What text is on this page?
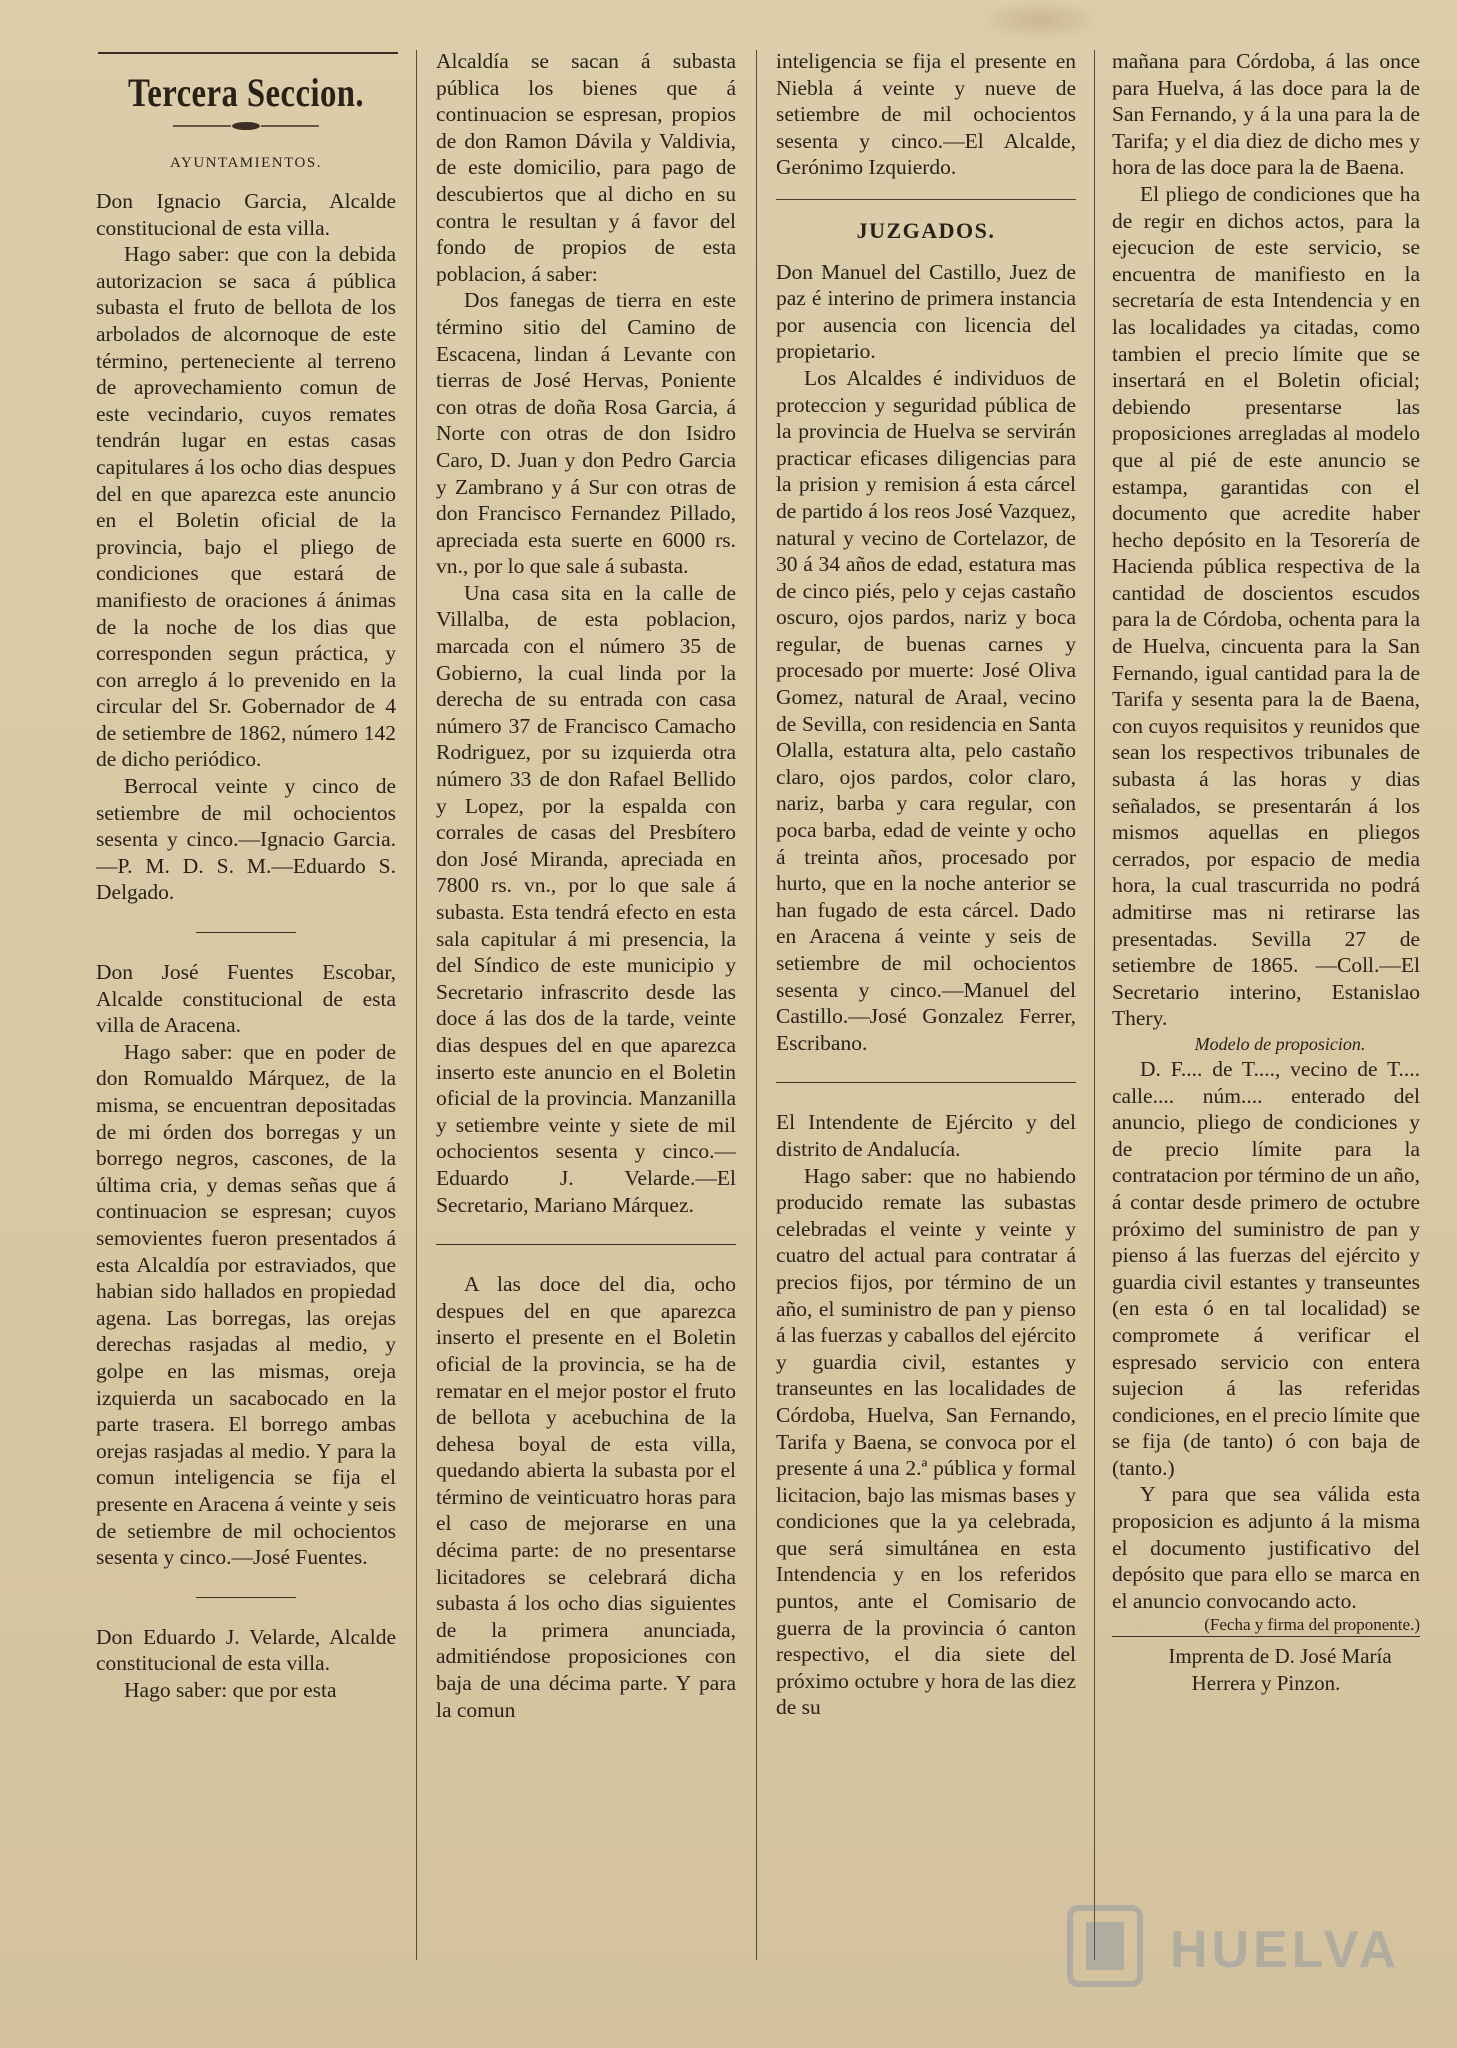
Tercera Seccion.
AYUNTAMIENTOS.

Don Ignacio Garcia, Alcalde constitucional de esta villa.

Hago saber: que con la debida autorizacion se saca á pública subasta el fruto de bellota de los arbolados de alcornoque de este término, perteneciente al terreno de aprovechamiento comun de este vecindario, cuyos remates tendrán lugar en estas casas capitulares á los ocho dias despues del en que aparezca este anuncio en el Boletin oficial de la provincia, bajo el pliego de condiciones que estará de manifiesto de oraciones á ánimas de la noche de los dias que corresponden segun práctica, y con arreglo á lo prevenido en la circular del Sr. Gobernador de 4 de setiembre de 1862, número 142 de dicho periódico.

Berrocal veinte y cinco de setiembre de mil ochocientos sesenta y cinco.—Ignacio Garcia.—P. M. D. S. M.—Eduardo S. Delgado.

Don José Fuentes Escobar, Alcalde constitucional de esta villa de Aracena.

Hago saber: que en poder de don Romualdo Márquez, de la misma, se encuentran depositadas de mi órden dos borregas y un borrego negros, cascones, de la última cria, y demas señas que á continuacion se espresan; cuyos semovientes fueron presentados á esta Alcaldía por estraviados, que habian sido hallados en propiedad agena. Las borregas, las orejas derechas rasjadas al medio, y golpe en las mismas, oreja izquierda un sacabocado en la parte trasera. El borrego ambas orejas rasjadas al medio. Y para la comun inteligencia se fija el presente en Aracena á veinte y seis de setiembre de mil ochocientos sesenta y cinco.—José Fuentes.

Don Eduardo J. Velarde, Alcalde constitucional de esta villa.

Hago saber: que por esta

Alcaldía se sacan á subasta pública los bienes que á continuacion se espresan, propios de don Ramon Dávila y Valdivia, de este domicilio, para pago de descubiertos que al dicho en su contra le resultan y á favor del fondo de propios de esta poblacion, á saber:

Dos fanegas de tierra en este término sitio del Camino de Escacena, lindan á Levante con tierras de José Hervas, Poniente con otras de doña Rosa Garcia, á Norte con otras de don Isidro Caro, D. Juan y don Pedro Garcia y Zambrano y á Sur con otras de don Francisco Fernandez Pillado, apreciada esta suerte en 6000 rs. vn., por lo que sale á subasta.

Una casa sita en la calle de Villalba, de esta poblacion, marcada con el número 35 de Gobierno, la cual linda por la derecha de su entrada con casa número 37 de Francisco Camacho Rodriguez, por su izquierda otra número 33 de don Rafael Bellido y Lopez, por la espalda con corrales de casas del Presbítero don José Miranda, apreciada en 7800 rs. vn., por lo que sale á subasta. Esta tendrá efecto en esta sala capitular á mi presencia, la del Síndico de este municipio y Secretario infrascrito desde las doce á las dos de la tarde, veinte dias despues del en que aparezca inserto este anuncio en el Boletin oficial de la provincia. Manzanilla y setiembre veinte y siete de mil ochocientos sesenta y cinco.—Eduardo J. Velarde.—El Secretario, Mariano Márquez.

A las doce del dia, ocho despues del en que aparezca inserto el presente en el Boletin oficial de la provincia, se ha de rematar en el mejor postor el fruto de bellota y acebuchina de la dehesa boyal de esta villa, quedando abierta la subasta por el término de veinticuatro horas para el caso de mejorarse en una décima parte: de no presentarse licitadores se celebrará dicha subasta á los ocho dias siguientes de la primera anunciada, admitiéndose proposiciones con baja de una décima parte. Y para la comun

inteligencia se fija el presente en Niebla á veinte y nueve de setiembre de mil ochocientos sesenta y cinco.—El Alcalde, Gerónimo Izquierdo.

JUZGADOS.

Don Manuel del Castillo, Juez de paz é interino de primera instancia por ausencia con licencia del propietario.

Los Alcaldes é individuos de proteccion y seguridad pública de la provincia de Huelva se servirán practicar eficases diligencias para la prision y remision á esta cárcel de partido á los reos José Vazquez, natural y vecino de Cortelazor, de 30 á 34 años de edad, estatura mas de cinco piés, pelo y cejas castaño oscuro, ojos pardos, nariz y boca regular, de buenas carnes y procesado por muerte: José Oliva Gomez, natural de Araal, vecino de Sevilla, con residencia en Santa Olalla, estatura alta, pelo castaño claro, ojos pardos, color claro, nariz, barba y cara regular, con poca barba, edad de veinte y ocho á treinta años, procesado por hurto, que en la noche anterior se han fugado de esta cárcel. Dado en Aracena á veinte y seis de setiembre de mil ochocientos sesenta y cinco.—Manuel del Castillo.—José Gonzalez Ferrer, Escribano.

El Intendente de Ejército y del distrito de Andalucía.

Hago saber: que no habiendo producido remate las subastas celebradas el veinte y veinte y cuatro del actual para contratar á precios fijos, por término de un año, el suministro de pan y pienso á las fuerzas y caballos del ejército y guardia civil, estantes y transeuntes en las localidades de Córdoba, Huelva, San Fernando, Tarifa y Baena, se convoca por el presente á una 2.ª pública y formal licitacion, bajo las mismas bases y condiciones que la ya celebrada, que será simultánea en esta Intendencia y en los referidos puntos, ante el Comisario de guerra de la provincia ó canton respectivo, el dia siete del próximo octubre y hora de las diez de su

mañana para Córdoba, á las once para Huelva, á las doce para la de San Fernando, y á la una para la de Tarifa; y el dia diez de dicho mes y hora de las doce para la de Baena.

El pliego de condiciones que ha de regir en dichos actos, para la ejecucion de este servicio, se encuentra de manifiesto en la secretaría de esta Intendencia y en las localidades ya citadas, como tambien el precio límite que se insertará en el Boletin oficial; debiendo presentarse las proposiciones arregladas al modelo que al pié de este anuncio se estampa, garantidas con el documento que acredite haber hecho depósito en la Tesorería de Hacienda pública respectiva de la cantidad de doscientos escudos para la de Córdoba, ochenta para la de Huelva, cincuenta para la San Fernando, igual cantidad para la de Tarifa y sesenta para la de Baena, con cuyos requisitos y reunidos que sean los respectivos tribunales de subasta á las horas y dias señalados, se presentarán á los mismos aquellas en pliegos cerrados, por espacio de media hora, la cual trascurrida no podrá admitirse mas ni retirarse las presentadas. Sevilla 27 de setiembre de 1865. —Coll.—El Secretario interino, Estanislao Thery.

Modelo de proposicion.

D. F.... de T...., vecino de T.... calle.... núm.... enterado del anuncio, pliego de condiciones y de precio límite para la contratacion por término de un año, á contar desde primero de octubre próximo del suministro de pan y pienso á las fuerzas del ejército y guardia civil estantes y transeuntes (en esta ó en tal localidad) se compromete á verificar el espresado servicio con entera sujecion á las referidas condiciones, en el precio límite que se fija (de tanto) ó con baja de (tanto.)

Y para que sea válida esta proposicion es adjunto á la misma el documento justificativo del depósito que para ello se marca en el anuncio convocando acto.

(Fecha y firma del proponente.)

Imprenta de D. José María Herrera y Pinzon.

HUELVA
